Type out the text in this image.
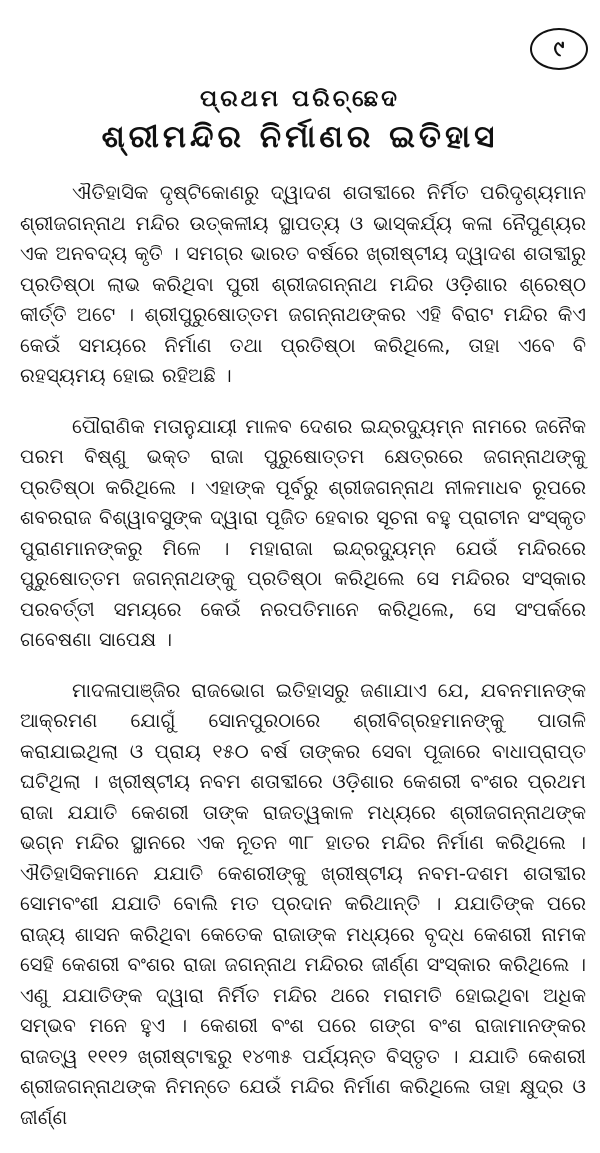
୯
ପ୍ରଥମ ପରିଚ୍ଛେଦ
ଶ୍ରୀମନ୍ଦିର ନିର୍ମାଣର ଇତିହାସ

ଐତିହାସିକ ଦୃଷ୍ଟିକୋଣରୁ ଦ୍ୱାଦଶ ଶତାବ୍ଦୀରେ ନିର୍ମିତ ପରିଦୃଶ୍ୟମାନ ଶ୍ରୀଜଗନ୍ନାଥ ମନ୍ଦିର ଉତ୍କଳୀୟ ସ୍ଥାପତ୍ୟ ଓ ଭାସ୍କର୍ଯ୍ୟ କଳା ନୈପୁଣ୍ୟର ଏକ ଅନବଦ୍ୟ କୃତି । ସମଗ୍ର ଭାରତ ବର୍ଷରେ ଖ୍ରୀଷ୍ଟୀୟ ଦ୍ୱାଦଶ ଶତାବ୍ଦୀରୁ ପ୍ରତିଷ୍ଠା ଲାଭ କରିଥିବା ପୁରୀ ଶ୍ରୀଜଗନ୍ନାଥ ମନ୍ଦିର ଓଡ଼ିଶାର ଶ୍ରେଷ୍ଠ କୀର୍ତ୍ତି ଅଟେ । ଶ୍ରୀପୁରୁଷୋତ୍ତମ ଜଗନ୍ନାଥଙ୍କର ଏହି ବିରାଟ ମନ୍ଦିର କିଏ କେଉଁ ସମୟରେ ନିର୍ମାଣ ତଥା ପ୍ରତିଷ୍ଠା କରିଥିଲେ, ତାହା ଏବେ ବି ରହସ୍ୟମୟ ହୋଇ ରହିଅଛି ।

ପୌରାଣିକ ମତାନୁଯାୟୀ ମାଳବ ଦେଶର ଇନ୍ଦ୍ରଦ୍ୟୁମ୍ନ ନାମରେ ଜନୈକ ପରମ ବିଷ୍ଣୁ ଭକ୍ତ ରାଜା ପୁରୁଷୋତ୍ତମ କ୍ଷେତ୍ରରେ ଜଗନ୍ନାଥଙ୍କୁ ପ୍ରତିଷ୍ଠା କରିଥିଲେ । ଏହାଙ୍କ ପୂର୍ବରୁ ଶ୍ରୀଜଗନ୍ନାଥ ନୀଳମାଧବ ରୂପରେ ଶବରରାଜ ବିଶ୍ୱାବସୁଙ୍କ ଦ୍ୱାରା ପୂଜିତ ହେବାର ସୂଚନା ବହୁ ପ୍ରାଚୀନ ସଂସ୍କୃତ ପୁରାଣମାନଙ୍କରୁ ମିଳେ । ମହାରାଜା ଇନ୍ଦ୍ରଦ୍ୟୁମ୍ନ ଯେଉଁ ମନ୍ଦିରରେ ପୁରୁଷୋତ୍ତମ ଜଗନ୍ନାଥଙ୍କୁ ପ୍ରତିଷ୍ଠା କରିଥିଲେ ସେ ମନ୍ଦିରର ସଂସ୍କାର ପରବର୍ତ୍ତୀ ସମୟରେ କେଉଁ ନରପତିମାନେ କରିଥିଲେ, ସେ ସଂପର୍କରେ ଗବେଷଣା ସାପେକ୍ଷ ।

ମାଦଳାପାଞ୍ଜିର ରାଜଭୋଗ ଇତିହାସରୁ ଜଣାଯାଏ ଯେ, ଯବନମାନଙ୍କ ଆକ୍ରମଣ ଯୋଗୁଁ ସୋନପୁରଠାରେ ଶ୍ରୀବିଗ୍ରହମାନଙ୍କୁ ପାତାଳି କରାଯାଇଥିଲା ଓ ପ୍ରାୟ ୧୫୦ ବର୍ଷ ତାଙ୍କର ସେବା ପୂଜାରେ ବାଧାପ୍ରାପ୍ତ ଘଟିଥିଲା । ଖ୍ରୀଷ୍ଟୀୟ ନବମ ଶତାବ୍ଦୀରେ ଓଡ଼ିଶାର କେଶରୀ ବଂଶର ପ୍ରଥମ ରାଜା ଯଯାତି କେଶରୀ ତାଙ୍କ ରାଜତ୍ୱକାଳ ମଧ୍ୟରେ ଶ୍ରୀଜଗନ୍ନାଥଙ୍କ ଭଗ୍ନ ମନ୍ଦିର ସ୍ଥାନରେ ଏକ ନୂତନ ୩୮ ହାତର ମନ୍ଦିର ନିର୍ମାଣ କରିଥିଲେ । ଐତିହାସିକମାନେ ଯଯାତି କେଶରୀଙ୍କୁ ଖ୍ରୀଷ୍ଟୀୟ ନବମ-ଦଶମ ଶତାବ୍ଦୀର ସୋମବଂଶୀ ଯଯାତି ବୋଲି ମତ ପ୍ରଦାନ କରିଥାନ୍ତି । ଯଯାତିଙ୍କ ପରେ ରାଜ୍ୟ ଶାସନ କରିଥିବା କେତେକ ରାଜାଙ୍କ ମଧ୍ୟରେ ବୃଦ୍ଧ କେଶରୀ ନାମକ ସେହି କେଶରୀ ବଂଶର ରାଜା ଜଗନ୍ନାଥ ମନ୍ଦିରର ଜୀର୍ଣ୍ଣ ସଂସ୍କାର କରିଥିଲେ । ଏଣୁ ଯଯାତିଙ୍କ ଦ୍ୱାରା ନିର୍ମିତ ମନ୍ଦିର ଥରେ ମରାମତି ହୋଇଥିବା ଅଧିକ ସମ୍ଭବ ମନେ ହୁଏ । କେଶରୀ ବଂଶ ପରେ ଗଙ୍ଗ ବଂଶ ରାଜାମାନଙ୍କର ରାଜତ୍ୱ ୧୧୧୨ ଖ୍ରୀଷ୍ଟାବ୍ଦରୁ ୧୪୩୫ ପର୍ଯ୍ୟନ୍ତ ବିସ୍ତୃତ । ଯଯାତି କେଶରୀ ଶ୍ରୀଜଗନ୍ନାଥଙ୍କ ନିମନ୍ତେ ଯେଉଁ ମନ୍ଦିର ନିର୍ମାଣ କରିଥିଲେ ତାହା କ୍ଷୁଦ୍ର ଓ ଜୀର୍ଣ୍ଣ
